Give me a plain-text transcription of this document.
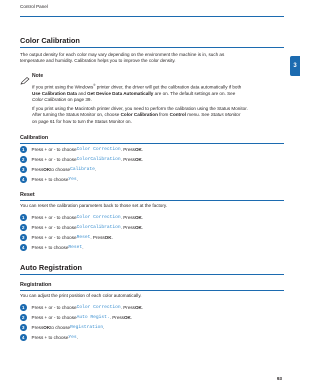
Control Panel
3
Color Calibration
The output density for each color may vary depending on the environment the machine is in, such as
temperature and humidity. Calibration helps you to improve the color density.
Note
If you print using the Windows® printer driver, the driver will get the calibration data automatically if both
Use Calibration Data and Get Device Data Automatically are on. The default settings are on. See
Color Calibration on page 39.
If you print using the Macintosh printer driver, you need to perform the calibration using the Status Monitor.
After turning the Status Monitor on, choose Color Calibration from Control menu. See Status Monitor
on page 61 for how to turn the Status Monitor on.
Calibration
1	Press + or - to choose Color Correction . Press OK .
2	Press + or - to choose ColorCalibration . Press OK .
3	Press OK to choose Calibrate .
4	Press + to choose Yes .
Reset
You can reset the calibration parameters back to those set at the factory.
1	Press + or - to choose Color Correction . Press OK .
2	Press + or - to choose ColorCalibration . Press OK .
3	Press + or - to choose Reset . Press OK .
4	Press + to choose Reset .
Auto Registration
Registration
You can adjust the print position of each color automatically.
1	Press + or - to choose Color Correction . Press OK .
2	Press + or - to choose Auto Regist. . Press OK .
3	Press OK to choose Registration .
4	Press + to choose Yes .
93
